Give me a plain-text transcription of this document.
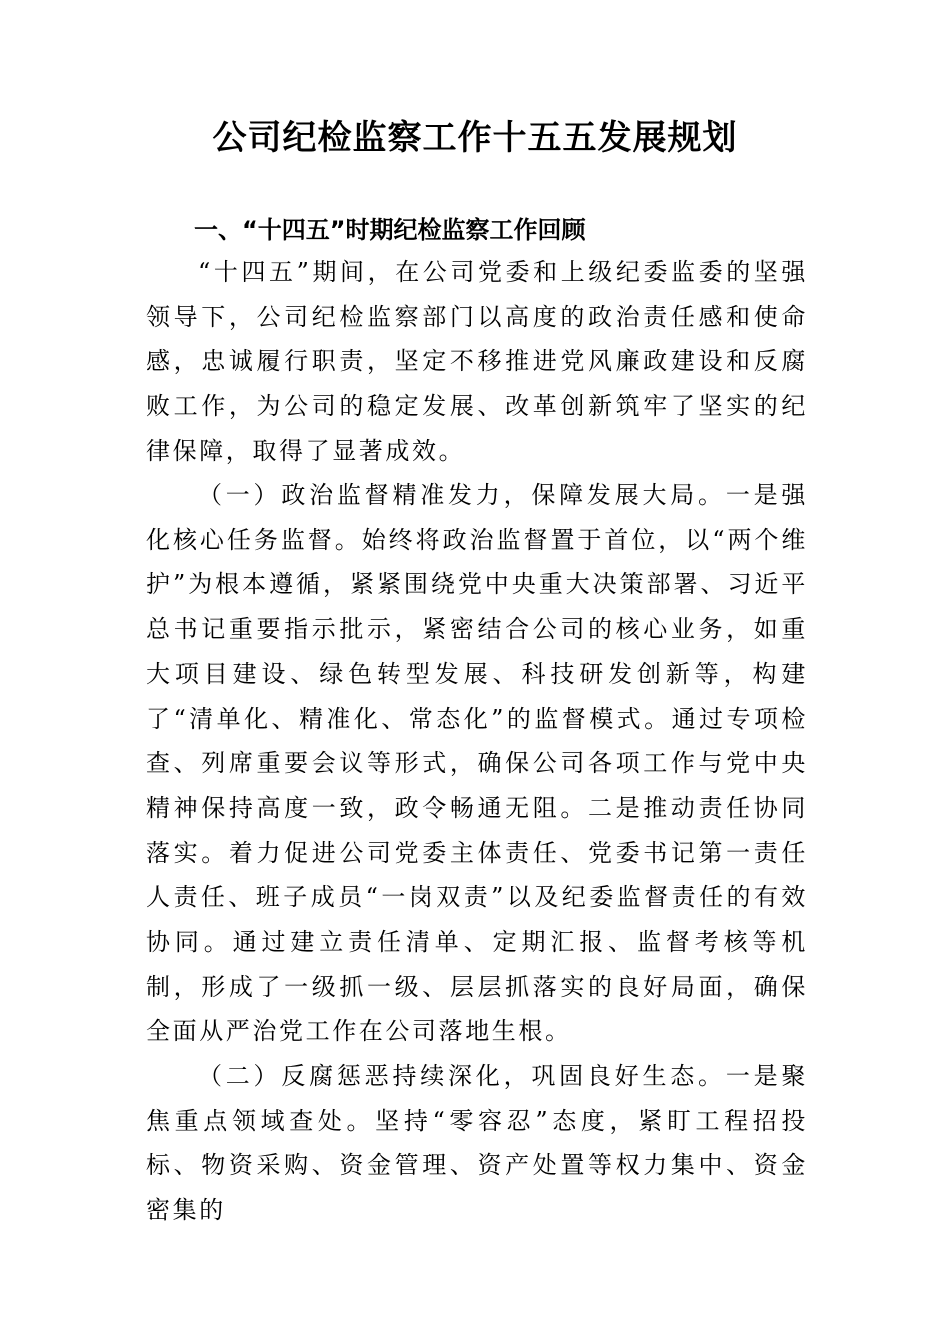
公司纪检监察工作十五五发展规划
一、“十四五”时期纪检监察工作回顾

“十四五”期间，在公司党委和上级纪委监委的坚强领导下，公司纪检监察部门以高度的政治责任感和使命感，忠诚履行职责，坚定不移推进党风廉政建设和反腐败工作，为公司的稳定发展、改革创新筑牢了坚实的纪律保障，取得了显著成效。

（一）政治监督精准发力，保障发展大局。一是强化核心任务监督。始终将政治监督置于首位，以“两个维护”为根本遵循，紧紧围绕党中央重大决策部署、习近平总书记重要指示批示，紧密结合公司的核心业务，如重大项目建设、绿色转型发展、科技研发创新等，构建了“清单化、精准化、常态化”的监督模式。通过专项检查、列席重要会议等形式，确保公司各项工作与党中央精神保持高度一致，政令畅通无阻。二是推动责任协同落实。着力促进公司党委主体责任、党委书记第一责任人责任、班子成员“一岗双责”以及纪委监督责任的有效协同。通过建立责任清单、定期汇报、监督考核等机制，形成了一级抓一级、层层抓落实的良好局面，确保全面从严治党工作在公司落地生根。

（二）反腐惩恶持续深化，巩固良好生态。一是聚焦重点领域查处。坚持“零容忍”态度，紧盯工程招投标、物资采购、资金管理、资产处置等权力集中、资金密集的
